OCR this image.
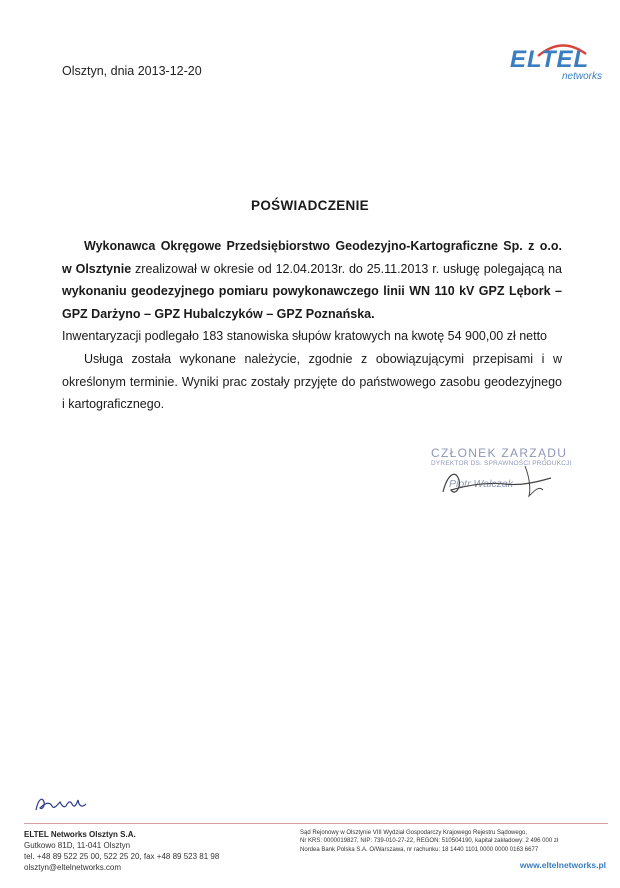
Olsztyn, dnia 2013-12-20	ELTEL
networks
POŚWIADCZENIE

Wykonawca Okręgowe Przedsiębiorstwo Geodezyjno-Kartograficzne Sp. z o.o. w Olsztynie zrealizował w okresie od 12.04.2013r. do 25.11.2013 r. usługę polegającą na wykonaniu geodezyjnego pomiaru powykonawczego linii WN 110 kV GPZ Lębork – GPZ Darżyno – GPZ Hubalczyków – GPZ Poznańska.

Inwentaryzacji podlegało 183 stanowiska słupów kratowych na kwotę 54 900,00 zł netto

Usługa została wykonane należycie, zgodnie z obowiązującymi przepisami i w określonym terminie. Wyniki prac zostały przyjęte do państwowego zasobu geodezyjnego i kartograficznego.

CZŁONEK ZARZĄDU
DYREKTOR DS. SPRAWNOŚCI PRODUKCJI
Piotr Walczak
ELTEL Networks Olsztyn S.A.
Gutkowo 81D, 11-041 Olsztyn
tel. +48 89 522 25 00, 522 25 20, fax +48 89 523 81 98
olsztyn@eltelnetworks.com
Sąd Rejonowy w Olsztynie VIII Wydział Gospodarczy Krajowego Rejestru Sądowego,
Nr KRS: 0000019827, NIP: 739-010-27-22, REGON: 510504190, kapitał zakładowy: 2 496 000 zł
Nordea Bank Polska S.A. O/Warszawa, nr rachunku: 18 1440 1101 0000 0000 0163 6677
www.eltelnetworks.pl
